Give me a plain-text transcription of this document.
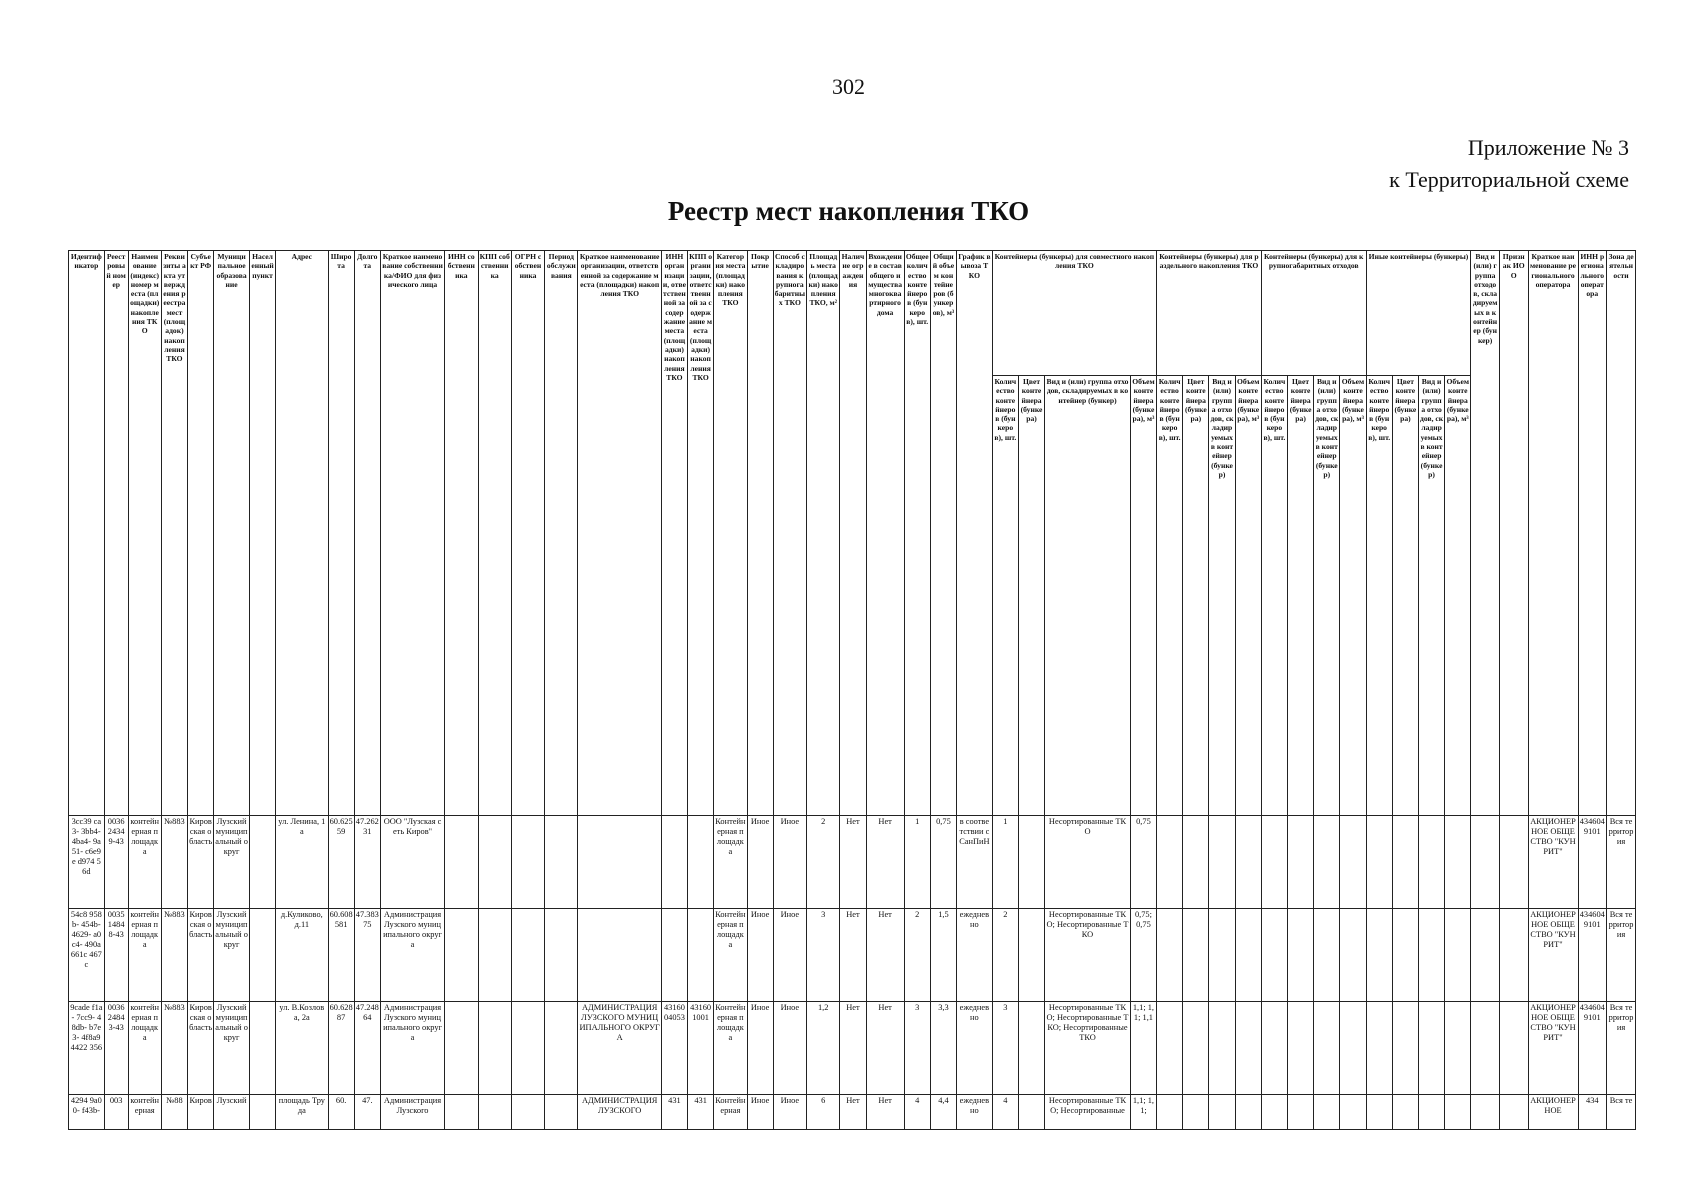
302
Приложение № 3
к Территориальной схеме
Реестр мест накопления ТКО
Идентификатор	Реестровый номер	Наименование (индекс) номер места (площадки) накопления ТКО	Реквизиты акта утверждения реестра мест (площадок) накопления ТКО	Субъект РФ	Муниципальное образование	Населенный пункт	Адрес	Широта	Долгота	Краткое наименование собственника/ФИО для физического лица	ИНН собственника	КПП собственника	ОГРН собственника	Период обслуживания	Краткое наименование организации, ответственной за содержание места (площадки) накопления ТКО	ИНН организации, ответственной за содержание места (площадки) накопления ТКО	КПП организации, ответственной за содержание места (площадки) накопления ТКО	Категория места (площадки) накопления ТКО	Покрытие	Способ складирования крупногабаритных ТКО	Площадь места (площадки) накопления ТКО, м²	Наличие ограждения	Вхождение в состав общего имущества многоквартирного дома	Общее количество контейнеров (бункеров), шт.	Общий объем контейнеров (бункеров), м³	График вывоза ТКО	Контейнеры (бункеры) для совместного накопления ТКО				Контейнеры (бункеры) для раздельного накопления ТКО				Контейнеры (бункеры) для крупногабаритных отходов				Иные контейнеры (бункеры)				Вид и (или) группа отходов, складируемых в контейнер (бункер)	Признак ИОО	Краткое наименование регионального оператора	ИНН регионального оператора	Зона деятельности
																											Количество контейнеров (бункеров), шт.	Цвет контейнера (бункера)	Вид и (или) группа отходов, складируемых в контейнер (бункер)	Объем контейнера (бункера), м³	Количество контейнеров (бункеров), шт.	Цвет контейнера (бункера)	Вид и (или) группа отходов, складируемых в контейнер (бункер)	Объем контейнера (бункера), м³	Количество контейнеров (бункеров), шт.	Цвет контейнера (бункера)	Вид и (или) группа отходов, складируемых в контейнер (бункер)	Объем контейнера (бункера), м³	Количество контейнеров (бункеров), шт.	Цвет контейнера (бункера)	Вид и (или) группа отходов, складируемых в контейнер (бункер)	Объем контейнера (бункера), м³					
3cc39 ca3- 3bb4- 4ba4- 9a51- c6e9e d974 56d	003624349-43	контейнерная площадка	№883	Кировская область	Лузский муниципальный округ		ул. Ленина, 1а	60.625 59	47.262 31	ООО "Лузская сеть Киров"								Контейнерная площадка	Иное	Иное	2	Нет	Нет	1	0,75	в соответствии с СанПиН	1		Несортированные ТКО	0,75															АКЦИОНЕРНОЕ ОБЩЕСТВО "КУНРИТ"	4346049101	Вся территория
54c8 958b- 454b- 4629- a0c4- 490a 661c 467c	003514848-43	контейнерная площадка	№883	Кировская область	Лузский муниципальный округ		д.Куликово, д.11	60.608 581	47.383 75	Администрация Лузского муниципального округа								Контейнерная площадка	Иное	Иное	3	Нет	Нет	2	1,5	ежедневно	2		Несортированные ТКО; Несортированные ТКО	0,75; 0,75															АКЦИОНЕРНОЕ ОБЩЕСТВО "КУНРИТ"	4346049101	Вся территория
9cade f1a- 7cc9- 48db- b7e3- 4f8a9 4422 356	003624843-43	контейнерная площадка	№883	Кировская область	Лузский муниципальный округ		ул. В.Козлова, 2а	60.628 87	47.248 64	Администрация Лузского муниципального округа					АДМИНИСТРАЦИЯ ЛУЗСКОГО МУНИЦИПАЛЬНОГО ОКРУГА	4316004053	431601001	Контейнерная площадка	Иное	Иное	1,2	Нет	Нет	3	3,3	ежедневно	3		Несортированные ТКО; Несортированные ТКО; Несортированные ТКО	1,1; 1,1; 1,1															АКЦИОНЕРНОЕ ОБЩЕСТВО "КУНРИТ"	4346049101	Вся территория
4294 9a00- f43b-	003	контейнерная	№88	Киров	Лузский		площадь Труда	60.	47.	Администрация Лузского					АДМИНИСТРАЦИЯ ЛУЗСКОГО	431	431	Контейнерная	Иное	Иное	6	Нет	Нет	4	4,4	ежедневно	4		Несортированные ТКО; Несортированные	1,1; 1,1;															АКЦИОНЕРНОЕ	434	Вся те
